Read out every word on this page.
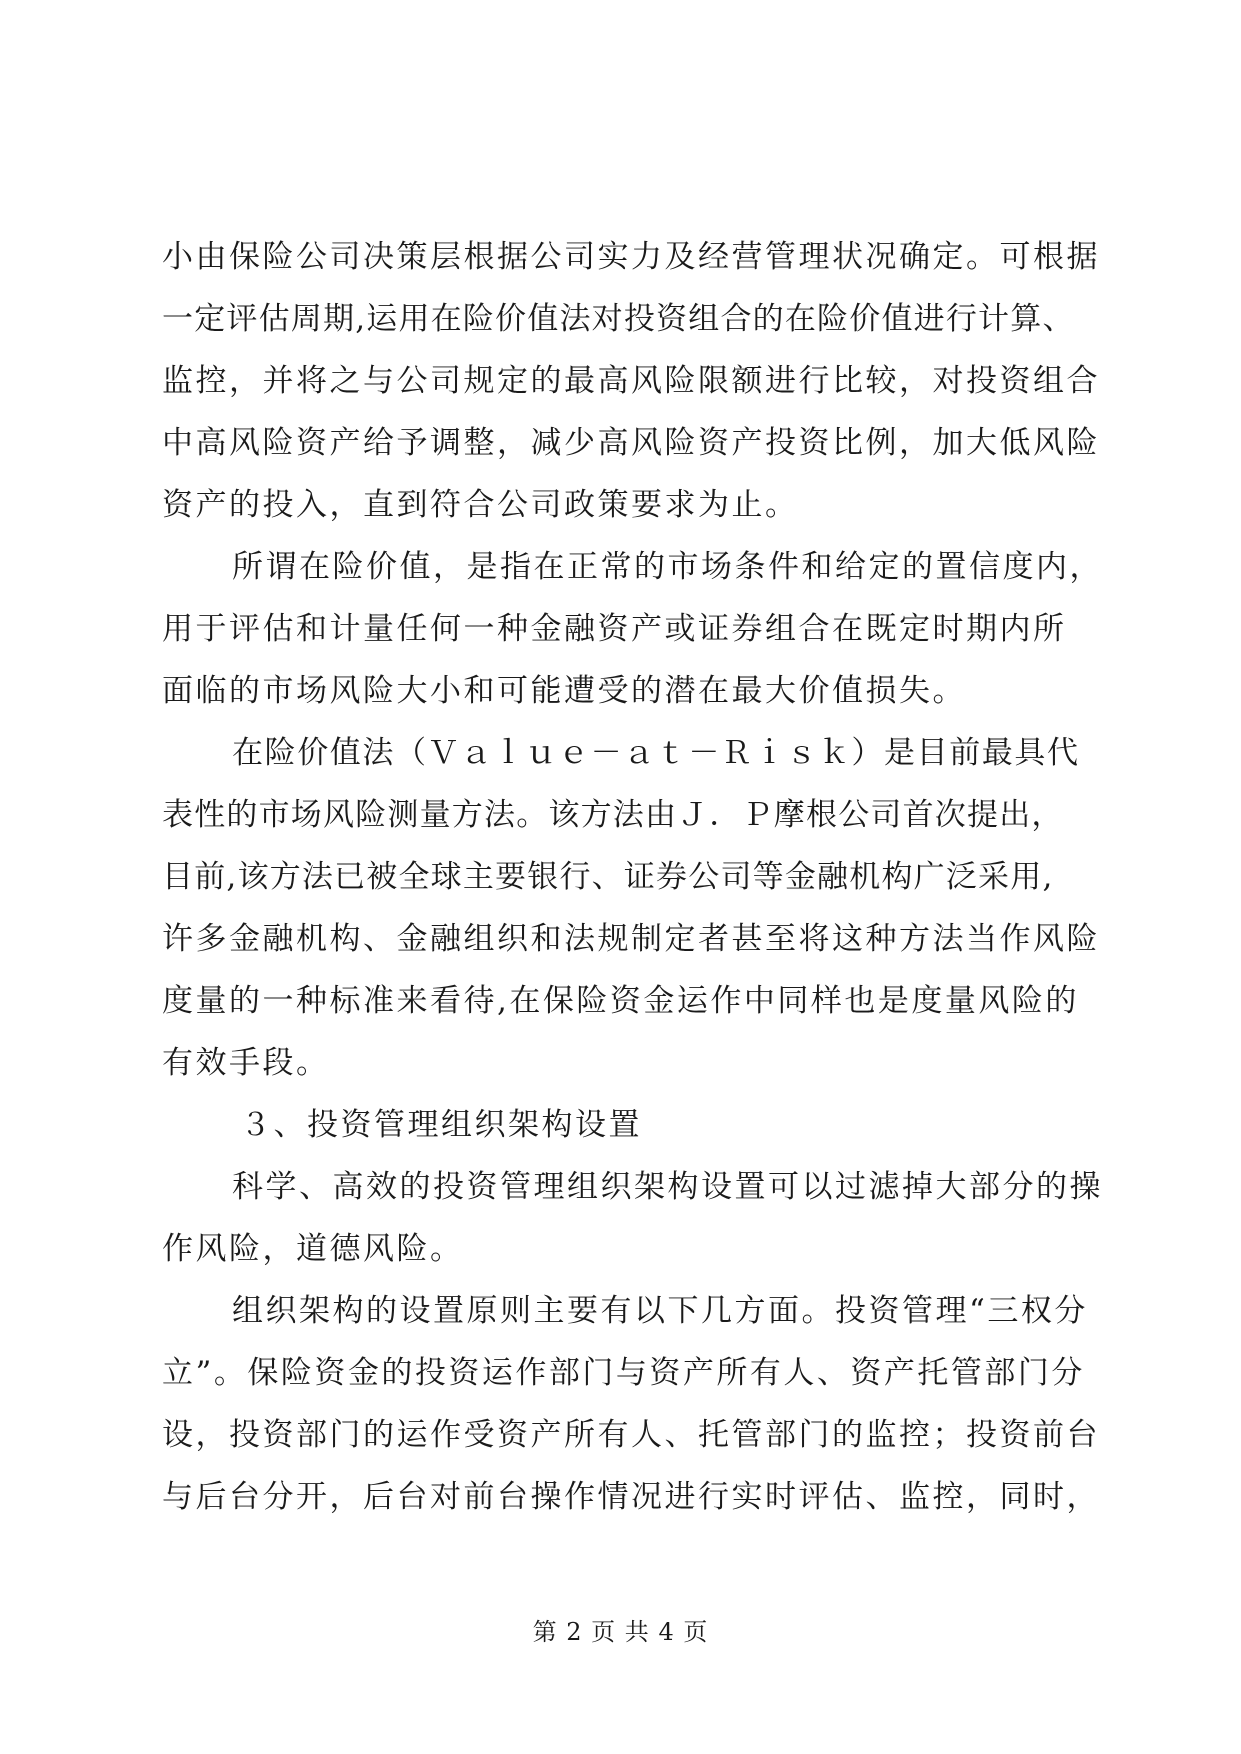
小由保险公司决策层根据公司实力及经营管理状况确定。可根据
一定评估周期,运用在险价值法对投资组合的在险价值进行计算、
监控，并将之与公司规定的最高风险限额进行比较，对投资组合
中高风险资产给予调整，减少高风险资产投资比例，加大低风险
资产的投入，直到符合公司政策要求为止。
所谓在险价值，是指在正常的市场条件和给定的置信度内，
用于评估和计量任何一种金融资产或证券组合在既定时期内所
面临的市场风险大小和可能遭受的潜在最大价值损失。
在险价值法（Ｖａｌｕｅ－ａｔ－Ｒｉｓｋ）是目前最具代
表性的市场风险测量方法。该方法由Ｊ．Ｐ摩根公司首次提出，
目前,该方法已被全球主要银行、证券公司等金融机构广泛采用,
许多金融机构、金融组织和法规制定者甚至将这种方法当作风险
度量的一种标准来看待,在保险资金运作中同样也是度量风险的
有效手段。
３、投资管理组织架构设置
科学、高效的投资管理组织架构设置可以过滤掉大部分的操
作风险，道德风险。
组织架构的设置原则主要有以下几方面。投资管理“三权分
立”。保险资金的投资运作部门与资产所有人、资产托管部门分
设，投资部门的运作受资产所有人、托管部门的监控；投资前台
与后台分开，后台对前台操作情况进行实时评估、监控，同时，
第 2 页 共 4 页
